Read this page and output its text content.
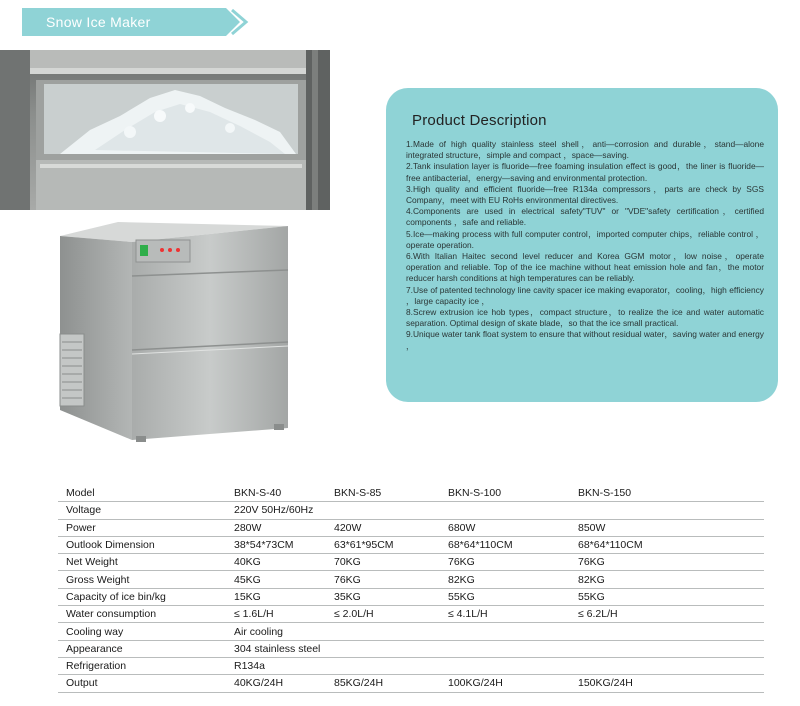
Snow Ice Maker
Product Description
1.Made of high quality stainless steel shell，anti—corrosion and durable，stand—alone integrated structure，simple and compact ，space—saving.
2.Tank insulation layer is fluoride—free foaming insulation effect is good，the liner is fluoride—free antibacterial，energy—saving and environmental protection.
3.High quality and efficient fluoride—free R134a compressors，parts are check by SGS Company，meet with EU RoHs environmental directives.
4.Components are used in electrical safety"TUV" or "VDE"safety certification，certified components ，safe and reliable.
5.Ice—making process with full computer control，imported computer chips，reliable control ，operate operation.
6.With Italian Haitec second level reducer and Korea GGM motor，low noise，operate operation and reliable. Top of the ice machine without heat emission hole and fan，the motor reducer harsh conditions at high temperatures can be reliably.
7.Use of patented technology line cavity spacer ice making evaporator，cooling，high efficiency ，large capacity ice ，
8.Screw extrusion ice hob types，compact structure，to realize the ice and water automatic separation. Optimal design of skate blade，so that the ice small practical.
9.Unique water tank float system to ensure that without residual water，saving water and energy ，
Model	BKN-S-40	BKN-S-85	BKN-S-100	BKN-S-150
Voltage	220V 50Hz/60Hz			
Power	280W	420W	680W	850W
Outlook Dimension	38*54*73CM	63*61*95CM	68*64*110CM	68*64*110CM
Net Weight	40KG	70KG	76KG	76KG
Gross Weight	45KG	76KG	82KG	82KG
Capacity of ice bin/kg	15KG	35KG	55KG	55KG
Water consumption	≤ 1.6L/H	≤ 2.0L/H	≤ 4.1L/H	≤ 6.2L/H
Cooling way	Air cooling			
Appearance	304 stainless steel			
Refrigeration	R134a			
Output	40KG/24H	85KG/24H	100KG/24H	150KG/24H
